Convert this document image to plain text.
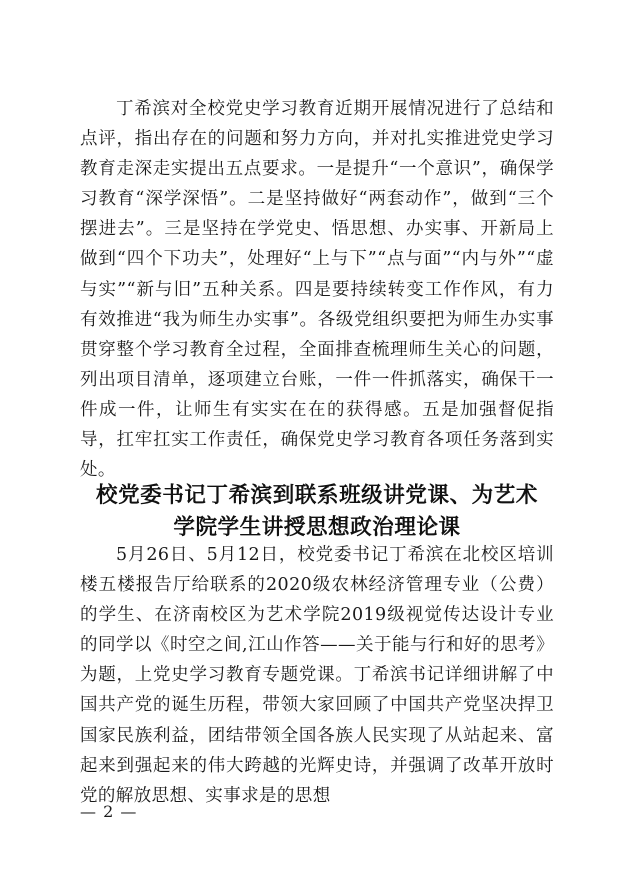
丁希滨对全校党史学习教育近期开展情况进行了总结和点评，指出存在的问题和努力方向，并对扎实推进党史学习教育走深走实提出五点要求。一是提升“一个意识”，确保学习教育“深学深悟”。二是坚持做好“两套动作”，做到“三个摆进去”。三是坚持在学党史、悟思想、办实事、开新局上做到“四个下功夫”，处理好“上与下”“点与面”“内与外”“虚与实”“新与旧”五种关系。四是要持续转变工作作风，有力有效推进“我为师生办实事”。各级党组织要把为师生办实事贯穿整个学习教育全过程，全面排查梳理师生关心的问题，列出项目清单，逐项建立台账，一件一件抓落实，确保干一件成一件，让师生有实实在在的获得感。五是加强督促指导，扛牢扛实工作责任，确保党史学习教育各项任务落到实处。

校党委书记丁希滨到联系班级讲党课、为艺术
学院学生讲授思想政治理论课

5月26日、5月12日，校党委书记丁希滨在北校区培训楼五楼报告厅给联系的2020级农林经济管理专业（公费）的学生、在济南校区为艺术学院2019级视觉传达设计专业的同学以《时空之间,江山作答——关于能与行和好的思考》为题，上党史学习教育专题党课。丁希滨书记详细讲解了中国共产党的诞生历程，带领大家回顾了中国共产党坚决捍卫国家民族利益，团结带领全国各族人民实现了从站起来、富起来到强起来的伟大跨越的光辉史诗，并强调了改革开放时党的解放思想、实事求是的思想

— 2 —
